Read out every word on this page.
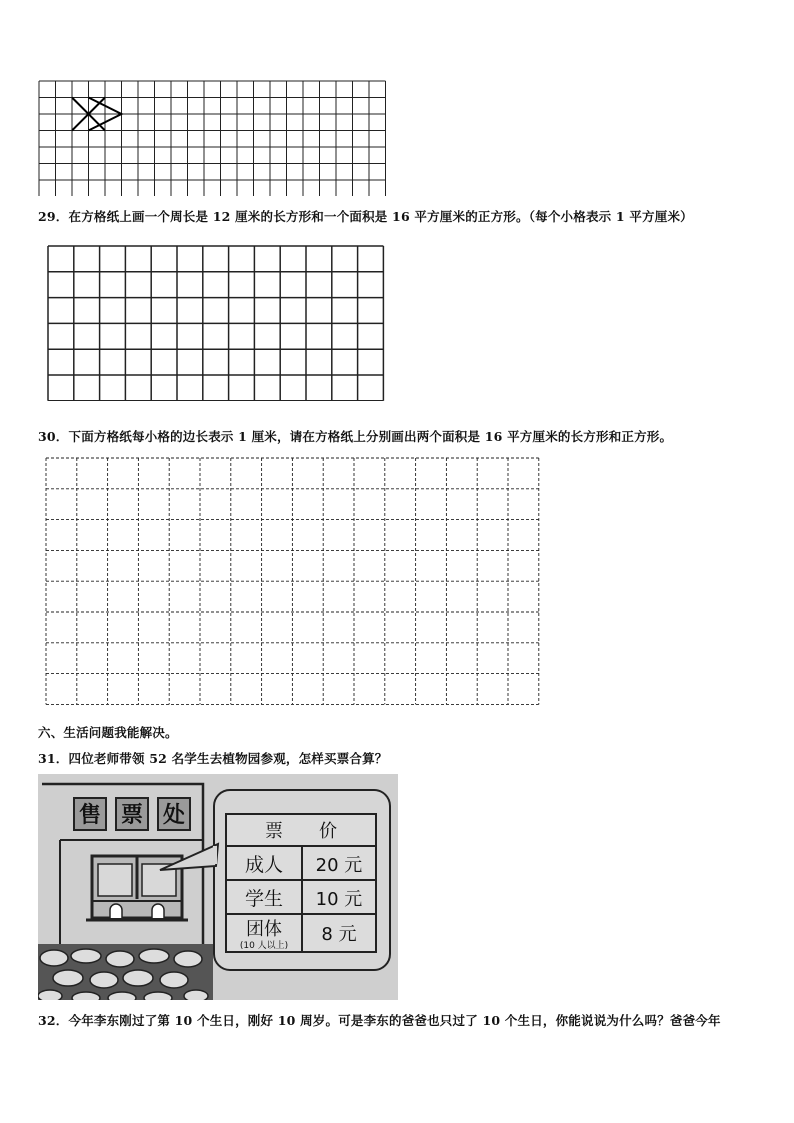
29．在方格纸上画一个周长是 12 厘米的长方形和一个面积是 16 平方厘米的正方形。（每个小格表示 1 平方厘米）
30．下面方格纸每小格的边长表示 1 厘米，请在方格纸上分别画出两个面积是 16 平方厘米的长方形和正方形。
六、生活问题我能解决。
31．四位老师带领 52 名学生去植物园参观，怎样买票合算？
售 票 处
票　　价
成人 20 元
学生 10 元
团体
(10 人以上)
8 元
32．今年李东刚过了第 10 个生日，刚好 10 周岁。可是李东的爸爸也只过了 10 个生日，你能说说为什么吗？爸爸今年
